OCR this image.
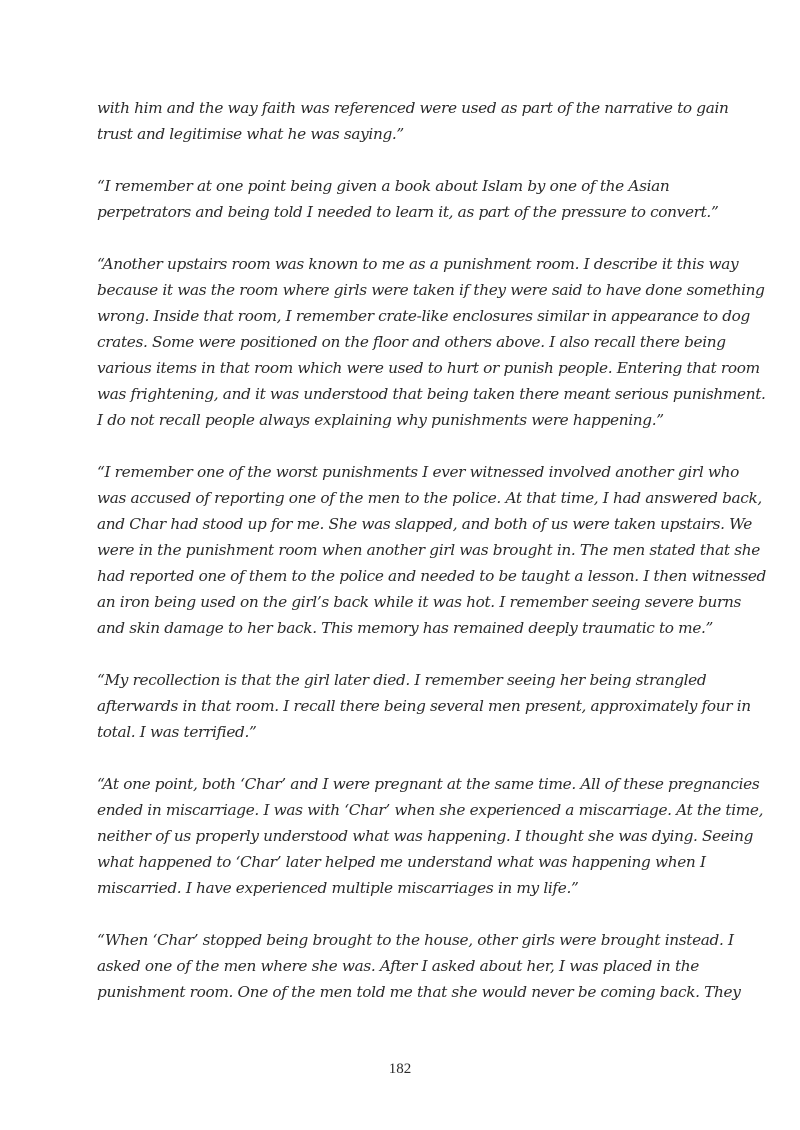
with him and the way faith was referenced were used as part of the narrative to gain
trust and legitimise what he was saying.”

“I remember at one point being given a book about Islam by one of the Asian
perpetrators and being told I needed to learn it, as part of the pressure to convert.”

“Another upstairs room was known to me as a punishment room. I describe it this way
because it was the room where girls were taken if they were said to have done something
wrong. Inside that room, I remember crate-like enclosures similar in appearance to dog
crates. Some were positioned on the floor and others above. I also recall there being
various items in that room which were used to hurt or punish people. Entering that room
was frightening, and it was understood that being taken there meant serious punishment.
I do not recall people always explaining why punishments were happening.”

“I remember one of the worst punishments I ever witnessed involved another girl who
was accused of reporting one of the men to the police. At that time, I had answered back,
and Char had stood up for me. She was slapped, and both of us were taken upstairs. We
were in the punishment room when another girl was brought in. The men stated that she
had reported one of them to the police and needed to be taught a lesson. I then witnessed
an iron being used on the girl’s back while it was hot. I remember seeing severe burns
and skin damage to her back. This memory has remained deeply traumatic to me.”

“My recollection is that the girl later died. I remember seeing her being strangled
afterwards in that room. I recall there being several men present, approximately four in
total. I was terrified.”

“At one point, both ‘Char’ and I were pregnant at the same time. All of these pregnancies
ended in miscarriage. I was with ‘Char’ when she experienced a miscarriage. At the time,
neither of us properly understood what was happening. I thought she was dying. Seeing
what happened to ‘Char’ later helped me understand what was happening when I
miscarried. I have experienced multiple miscarriages in my life.”

“When ‘Char’ stopped being brought to the house, other girls were brought instead. I
asked one of the men where she was. After I asked about her, I was placed in the
punishment room. One of the men told me that she would never be coming back. They

182
